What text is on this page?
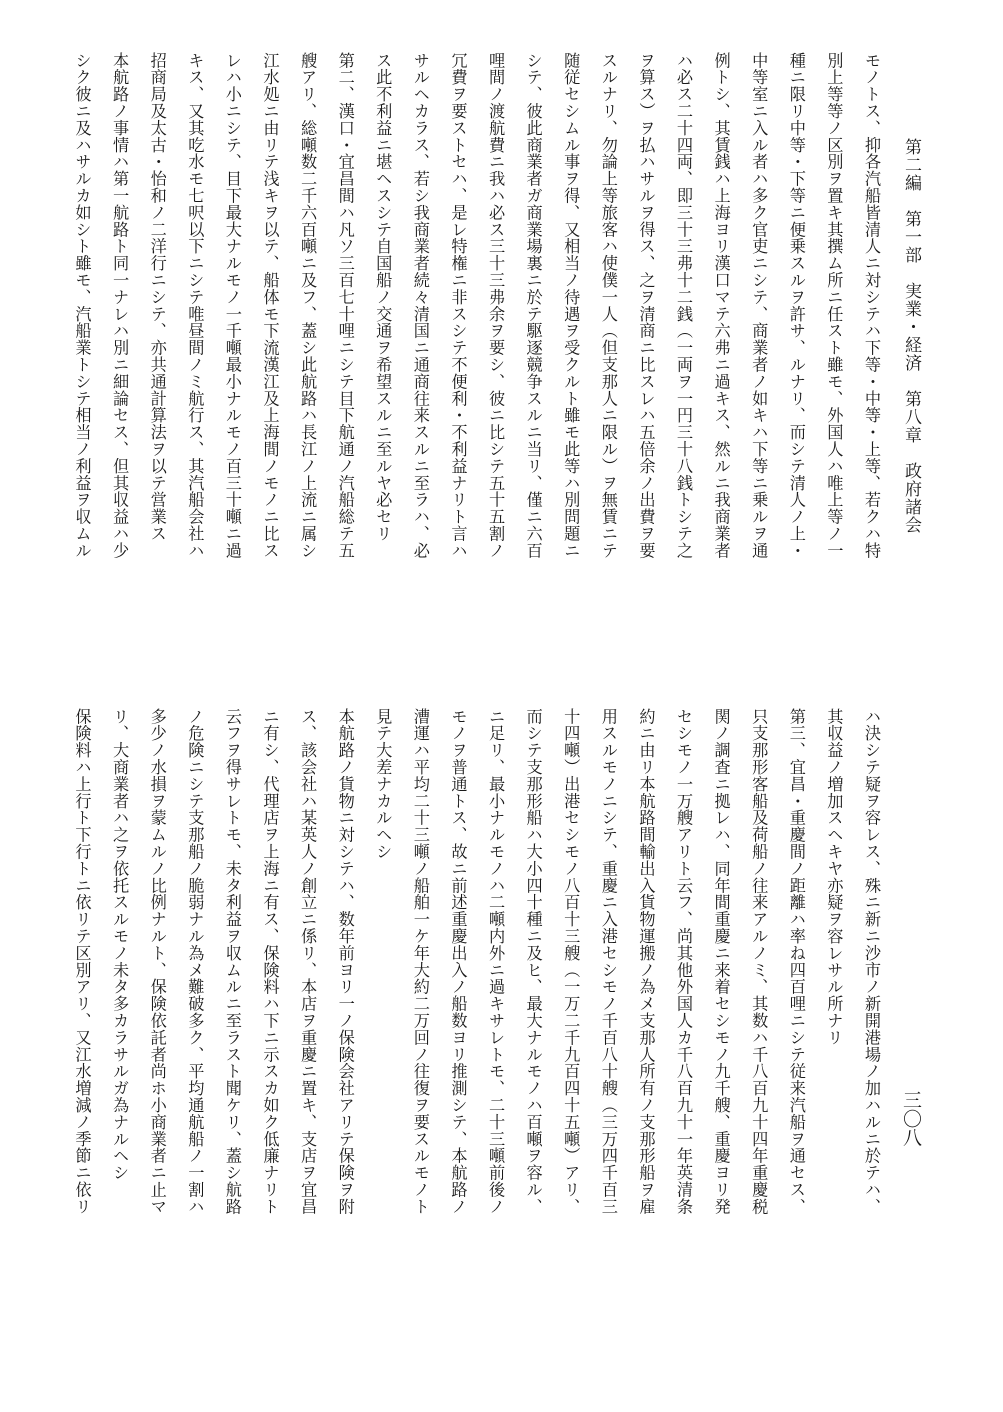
第二編　第一部　実業・経済　第八章　政府諸会
三〇八
モノトス、抑各汽船皆清人ニ対シテハ下等・中等・上等、若クハ特
別上等等ノ区別ヲ置キ其撰ム所ニ任スト雖モ、外国人ハ唯上等ノ一
種ニ限リ中等・下等ニ便乗スルヲ許サ、ルナリ、而シテ清人ノ上・
中等室ニ入ル者ハ多ク官吏ニシテ、商業者ノ如キハ下等ニ乗ルヲ通
例トシ、其賃銭ハ上海ヨリ漢口マテ六弗ニ過キス、然ルニ我商業者
ハ必ス二十四両、即三十三弗十二銭（一両ヲ一円三十八銭トシテ之
ヲ算ス）ヲ払ハサルヲ得ス、之ヲ清商ニ比スレハ五倍余ノ出費ヲ要
スルナリ、勿論上等旅客ハ使僕一人（但支那人ニ限ル）ヲ無賃ニテ
随従セシムル事ヲ得、又相当ノ待遇ヲ受クルト雖モ此等ハ別問題ニ
シテ、彼此商業者ガ商業場裏ニ於テ駆逐競争スルニ当リ、僅ニ六百
哩間ノ渡航費ニ我ハ必ス三十三弗余ヲ要シ、彼ニ比シテ五十五割ノ
冗費ヲ要ストセハ、是レ特権ニ非スシテ不便利・不利益ナリト言ハ
サルヘカラス、若シ我商業者続々清国ニ通商往来スルニ至ラハ、必
ス此不利益ニ堪ヘスシテ自国船ノ交通ヲ希望スルニ至ルヤ必セリ
第二、漢口・宜昌間ハ凡ソ三百七十哩ニシテ目下航通ノ汽船総テ五
艘アリ、総噸数二千六百噸ニ及フ、蓋シ此航路ハ長江ノ上流ニ属シ
江水処ニ由リテ浅キヲ以テ、船体モ下流漢江及上海間ノモノニ比ス
レハ小ニシテ、目下最大ナルモノ一千噸最小ナルモノ百三十噸ニ過
キス、又其吃水モ七呎以下ニシテ唯昼間ノミ航行ス、其汽船会社ハ
招商局及太古・怡和ノ二洋行ニシテ、亦共通計算法ヲ以テ営業ス
本航路ノ事情ハ第一航路ト同一ナレハ別ニ細論セス、但其収益ハ少
シク彼ニ及ハサルカ如シト雖モ、汽船業トシテ相当ノ利益ヲ収ムル
ハ決シテ疑ヲ容レス、殊ニ新ニ沙市ノ新開港場ノ加ハルニ於テハ、
其収益ノ増加スヘキヤ亦疑ヲ容レサル所ナリ
第三、宜昌・重慶間ノ距離ハ率ね四百哩ニシテ従来汽船ヲ通セス、
只支那形客船及荷船ノ往来アルノミ、其数ハ千八百九十四年重慶税
関ノ調査ニ拠レハ、同年間重慶ニ来着セシモノ九千艘、重慶ヨリ発
セシモノ一万艘アリト云フ、尚其他外国人カ千八百九十一年英清条
約ニ由リ本航路間輸出入貨物運搬ノ為メ支那人所有ノ支那形船ヲ雇
用スルモノニシテ、重慶ニ入港セシモノ千百八十艘（三万四千百三
十四噸）出港セシモノ八百十三艘（一万二千九百四十五噸）アリ、
而シテ支那形船ハ大小四十種ニ及ヒ、最大ナルモノハ百噸ヲ容ル、
ニ足リ、最小ナルモノハ二噸内外ニ過キサレトモ、二十三噸前後ノ
モノヲ普通トス、故ニ前述重慶出入ノ船数ヨリ推測シテ、本航路ノ
漕運ハ平均二十三噸ノ船舶一ケ年大約二万回ノ往復ヲ要スルモノト
見テ大差ナカルヘシ
本航路ノ貨物ニ対シテハ、数年前ヨリ一ノ保険会社アリテ保険ヲ附
ス、該会社ハ某英人ノ創立ニ係リ、本店ヲ重慶ニ置キ、支店ヲ宜昌
ニ有シ、代理店ヲ上海ニ有ス、保険料ハ下ニ示スカ如ク低廉ナリト
云フヲ得サレトモ、未タ利益ヲ収ムルニ至ラスト聞ケリ、蓋シ航路
ノ危険ニシテ支那船ノ脆弱ナル為メ難破多ク、平均通航船ノ一割ハ
多少ノ水損ヲ蒙ムルノ比例ナルト、保険依託者尚ホ小商業者ニ止マ
リ、大商業者ハ之ヲ依托スルモノ未タ多カラサルガ為ナルヘシ
保険料ハ上行ト下行トニ依リテ区別アリ、又江水増減ノ季節ニ依リ
